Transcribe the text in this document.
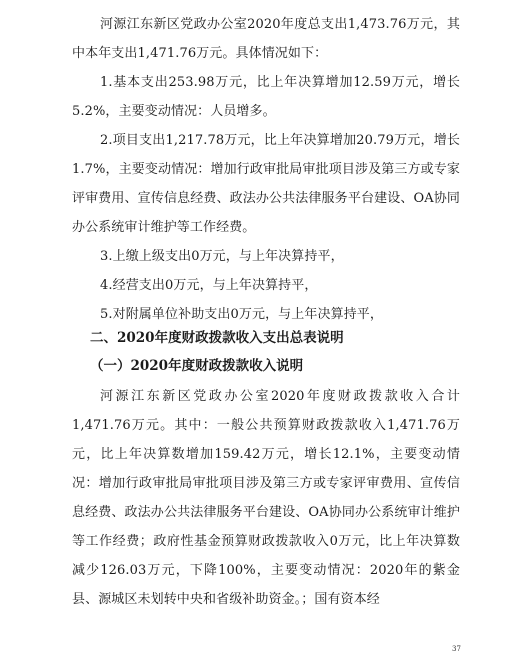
河源江东新区党政办公室2020年度总支出1,473.76万元，其中本年支出1,471.76万元。具体情况如下：

1.基本支出253.98万元，比上年决算增加12.59万元，增长5.2%，主要变动情况：人员增多。

2.项目支出1,217.78万元，比上年决算增加20.79万元，增长1.7%，主要变动情况：增加行政审批局审批项目涉及第三方或专家评审费用、宣传信息经费、政法办公共法律服务平台建设、OA协同办公系统审计维护等工作经费。

3.上缴上级支出0万元，与上年决算持平，

4.经营支出0万元，与上年决算持平，

5.对附属单位补助支出0万元，与上年决算持平，

二、2020年度财政拨款收入支出总表说明
（一）2020年度财政拨款收入说明

河源江东新区党政办公室2020年度财政拨款收入合计1,471.76万元。其中：一般公共预算财政拨款收入1,471.76万元，比上年决算数增加159.42万元，增长12.1%，主要变动情况：增加行政审批局审批项目涉及第三方或专家评审费用、宣传信息经费、政法办公共法律服务平台建设、OA协同办公系统审计维护等工作经费；政府性基金预算财政拨款收入0万元，比上年决算数减少126.03万元，下降100%，主要变动情况：2020年的紫金县、源城区未划转中央和省级补助资金。；国有资本经

37
